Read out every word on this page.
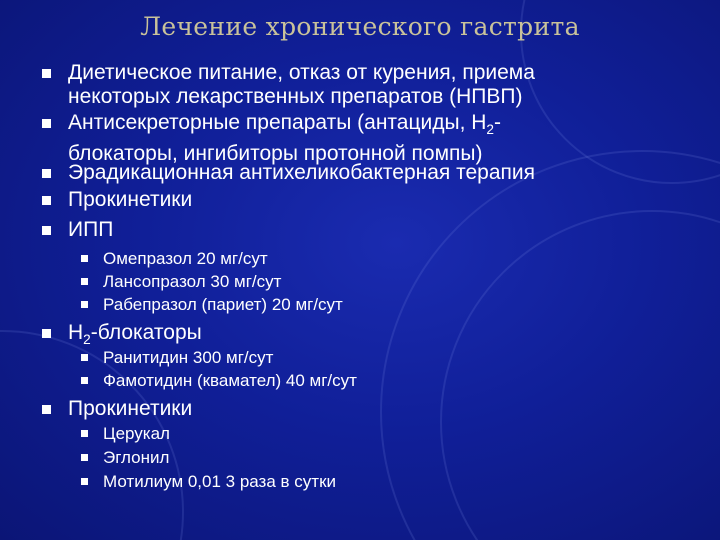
Лечение хронического гастрита
Диетическое питание, отказ от курения, приема
некоторых лекарственных препаратов (НПВП)
Антисекреторные препараты (антациды, $Н_2-$
блокаторы, ингибиторы протонной помпы)
Эрадикационная антихеликобактерная терапия
Прокинетики
ИПП
Омепразол 20 мг/сут
Лансопразол 30 мг/сут
Рабепразол (париет) 20 мг/сут
$Н_2$-блокаторы
Ранитидин 300 мг/сут
Фамотидин (квамател) 40 мг/сут
Прокинетики
Церукал
Эглонил
Мотилиум 0,01 3 раза в сутки
